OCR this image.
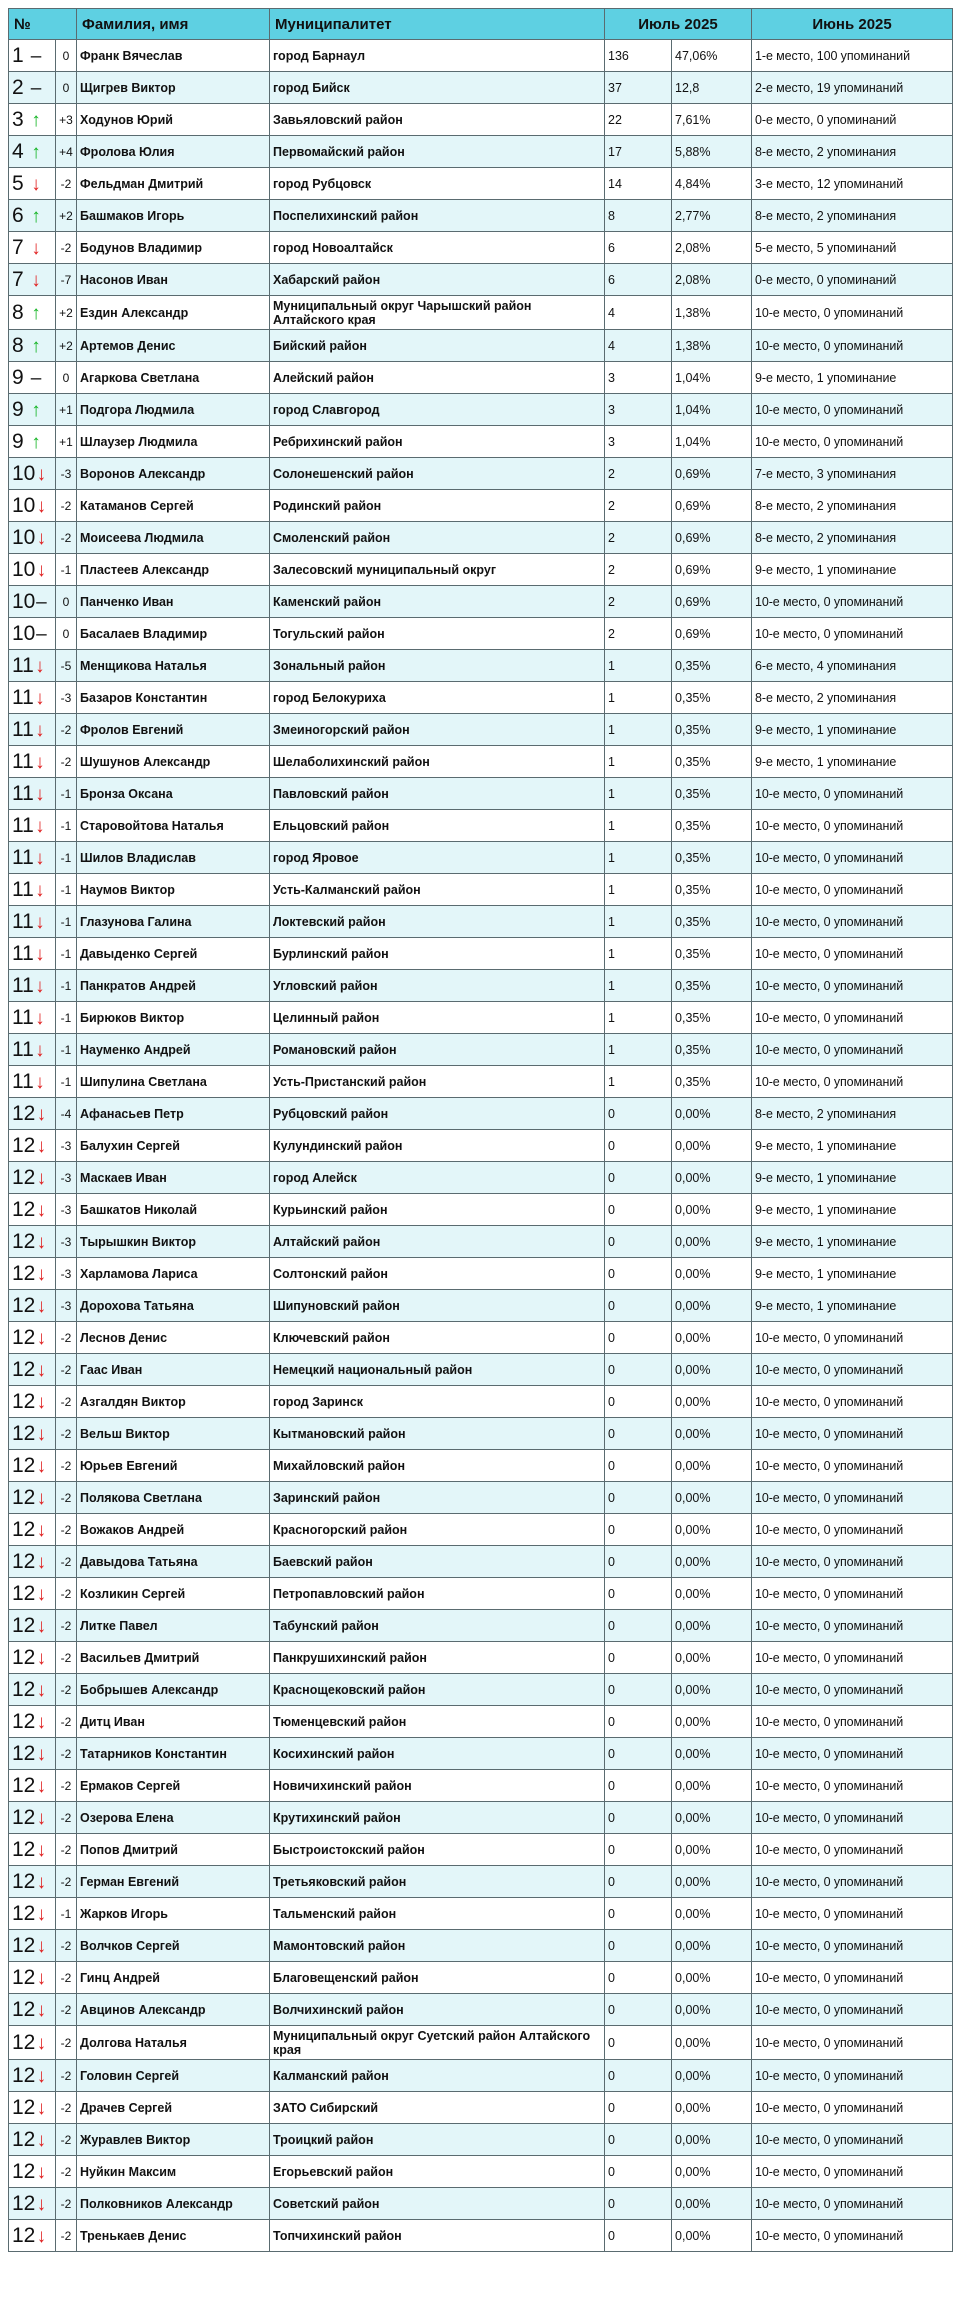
№		Фамилия, имя	Муниципалитет	Июль 2025		Июнь 2025
1 –	0	Франк Вячеслав	город Барнаул	136	47,06%	1-е место, 100 упоминаний
2 –	0	Щигрев Виктор	город Бийск	37	12,8	2-е место, 19 упоминаний
3 ↑	+3	Ходунов Юрий	Завьяловский район	22	7,61%	0-е место, 0 упоминаний
4 ↑	+4	Фролова Юлия	Первомайский район	17	5,88%	8-е место, 2 упоминания
5 ↓	-2	Фельдман Дмитрий	город Рубцовск	14	4,84%	3-е место, 12 упоминаний
6 ↑	+2	Башмаков Игорь	Поспелихинский район	8	2,77%	8-е место, 2 упоминания
7 ↓	-2	Бодунов Владимир	город Новоалтайск	6	2,08%	5-е место, 5 упоминаний
7 ↓	-7	Насонов Иван	Хабарский район	6	2,08%	0-е место, 0 упоминаний
8 ↑	+2	Ездин Александр	Муниципальный округ Чарышский район Алтайского края	4	1,38%	10-е место, 0 упоминаний
8 ↑	+2	Артемов Денис	Бийский район	4	1,38%	10-е место, 0 упоминаний
9 –	0	Агаркова Светлана	Алейский район	3	1,04%	9-е место, 1 упоминание
9 ↑	+1	Подгора Людмила	город Славгород	3	1,04%	10-е место, 0 упоминаний
9 ↑	+1	Шлаузер Людмила	Ребрихинский район	3	1,04%	10-е место, 0 упоминаний
10↓	-3	Воронов Александр	Солонешенский район	2	0,69%	7-е место, 3 упоминания
10↓	-2	Катаманов Сергей	Родинский район	2	0,69%	8-е место, 2 упоминания
10↓	-2	Моисеева Людмила	Смоленский район	2	0,69%	8-е место, 2 упоминания
10↓	-1	Пластеев Александр	Залесовский муниципальный округ	2	0,69%	9-е место, 1 упоминание
10–	0	Панченко Иван	Каменский район	2	0,69%	10-е место, 0 упоминаний
10–	0	Басалаев Владимир	Тогульский район	2	0,69%	10-е место, 0 упоминаний
11↓	-5	Менщикова Наталья	Зональный район	1	0,35%	6-е место, 4 упоминания
11↓	-3	Базаров Константин	город Белокуриха	1	0,35%	8-е место, 2 упоминания
11↓	-2	Фролов Евгений	Змеиногорский район	1	0,35%	9-е место, 1 упоминание
11↓	-2	Шушунов Александр	Шелаболихинский район	1	0,35%	9-е место, 1 упоминание
11↓	-1	Бронза Оксана	Павловский район	1	0,35%	10-е место, 0 упоминаний
11↓	-1	Старовойтова Наталья	Ельцовский район	1	0,35%	10-е место, 0 упоминаний
11↓	-1	Шилов Владислав	город Яровое	1	0,35%	10-е место, 0 упоминаний
11↓	-1	Наумов Виктор	Усть-Калманский район	1	0,35%	10-е место, 0 упоминаний
11↓	-1	Глазунова Галина	Локтевский район	1	0,35%	10-е место, 0 упоминаний
11↓	-1	Давыденко Сергей	Бурлинский район	1	0,35%	10-е место, 0 упоминаний
11↓	-1	Панкратов Андрей	Угловский район	1	0,35%	10-е место, 0 упоминаний
11↓	-1	Бирюков Виктор	Целинный район	1	0,35%	10-е место, 0 упоминаний
11↓	-1	Науменко Андрей	Романовский район	1	0,35%	10-е место, 0 упоминаний
11↓	-1	Шипулина Светлана	Усть-Пристанский район	1	0,35%	10-е место, 0 упоминаний
12↓	-4	Афанасьев Петр	Рубцовский район	0	0,00%	8-е место, 2 упоминания
12↓	-3	Балухин Сергей	Кулундинский район	0	0,00%	9-е место, 1 упоминание
12↓	-3	Маскаев Иван	город Алейск	0	0,00%	9-е место, 1 упоминание
12↓	-3	Башкатов Николай	Курьинский район	0	0,00%	9-е место, 1 упоминание
12↓	-3	Тырышкин Виктор	Алтайский район	0	0,00%	9-е место, 1 упоминание
12↓	-3	Харламова Лариса	Солтонский район	0	0,00%	9-е место, 1 упоминание
12↓	-3	Дорохова Татьяна	Шипуновский район	0	0,00%	9-е место, 1 упоминание
12↓	-2	Леснов Денис	Ключевский район	0	0,00%	10-е место, 0 упоминаний
12↓	-2	Гаас Иван	Немецкий национальный район	0	0,00%	10-е место, 0 упоминаний
12↓	-2	Азгалдян Виктор	город Заринск	0	0,00%	10-е место, 0 упоминаний
12↓	-2	Вельш Виктор	Кытмановский район	0	0,00%	10-е место, 0 упоминаний
12↓	-2	Юрьев Евгений	Михайловский район	0	0,00%	10-е место, 0 упоминаний
12↓	-2	Полякова Светлана	Заринский район	0	0,00%	10-е место, 0 упоминаний
12↓	-2	Вожаков Андрей	Красногорский район	0	0,00%	10-е место, 0 упоминаний
12↓	-2	Давыдова Татьяна	Баевский район	0	0,00%	10-е место, 0 упоминаний
12↓	-2	Козликин Сергей	Петропавловский район	0	0,00%	10-е место, 0 упоминаний
12↓	-2	Литке Павел	Табунский район	0	0,00%	10-е место, 0 упоминаний
12↓	-2	Васильев Дмитрий	Панкрушихинский район	0	0,00%	10-е место, 0 упоминаний
12↓	-2	Бобрышев Александр	Краснощековский район	0	0,00%	10-е место, 0 упоминаний
12↓	-2	Дитц Иван	Тюменцевский район	0	0,00%	10-е место, 0 упоминаний
12↓	-2	Татарников Константин	Косихинский район	0	0,00%	10-е место, 0 упоминаний
12↓	-2	Ермаков Сергей	Новичихинский район	0	0,00%	10-е место, 0 упоминаний
12↓	-2	Озерова Елена	Крутихинский район	0	0,00%	10-е место, 0 упоминаний
12↓	-2	Попов Дмитрий	Быстроистокский район	0	0,00%	10-е место, 0 упоминаний
12↓	-2	Герман Евгений	Третьяковский район	0	0,00%	10-е место, 0 упоминаний
12↓	-1	Жарков Игорь	Тальменский район	0	0,00%	10-е место, 0 упоминаний
12↓	-2	Волчков Сергей	Мамонтовский район	0	0,00%	10-е место, 0 упоминаний
12↓	-2	Гинц Андрей	Благовещенский район	0	0,00%	10-е место, 0 упоминаний
12↓	-2	Авцинов Александр	Волчихинский район	0	0,00%	10-е место, 0 упоминаний
12↓	-2	Долгова Наталья	Муниципальный округ Суетский район Алтайского края	0	0,00%	10-е место, 0 упоминаний
12↓	-2	Головин Сергей	Калманский район	0	0,00%	10-е место, 0 упоминаний
12↓	-2	Драчев Сергей	ЗАТО Сибирский	0	0,00%	10-е место, 0 упоминаний
12↓	-2	Журавлев Виктор	Троицкий район	0	0,00%	10-е место, 0 упоминаний
12↓	-2	Нуйкин Максим	Егорьевский район	0	0,00%	10-е место, 0 упоминаний
12↓	-2	Полковников Александр	Советский район	0	0,00%	10-е место, 0 упоминаний
12↓	-2	Тренькаев Денис	Топчихинский район	0	0,00%	10-е место, 0 упоминаний
